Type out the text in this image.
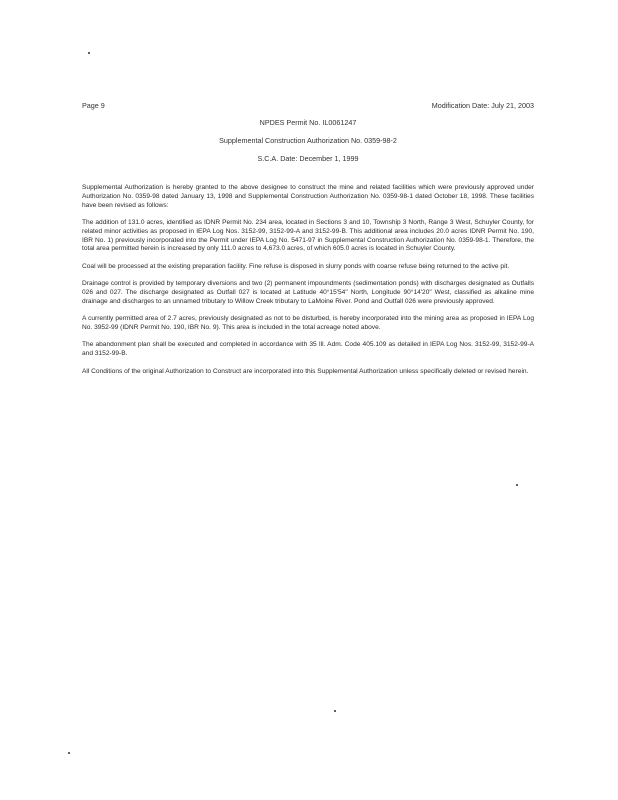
Page 9	Modification Date: July 21, 2003
NPDES Permit No. IL0061247
Supplemental Construction Authorization No. 0359-98-2
S.C.A. Date: December 1, 1999

Supplemental Authorization is hereby granted to the above designee to construct the mine and related facilities which were previously approved under Authorization No. 0359-98 dated January 13, 1998 and Supplemental Construction Authorization No. 0359-98-1 dated October 18, 1998. These facilities have been revised as follows:

The addition of 131.0 acres, identified as IDNR Permit No. 234 area, located in Sections 3 and 10, Township 3 North, Range 3 West, Schuyler County, for related minor activities as proposed in IEPA Log Nos. 3152-99, 3152-99-A and 3152-99-B. This additional area includes 20.0 acres IDNR Permit No. 190, IBR No. 1) previously incorporated into the Permit under IEPA Log No. 5471-97 in Supplemental Construction Authorization No. 0359-98-1. Therefore, the total area permitted herein is increased by only 111.0 acres to 4,673.0 acres, of which 605.0 acres is located in Schuyler County.

Coal will be processed at the existing preparation facility. Fine refuse is disposed in slurry ponds with coarse refuse being returned to the active pit.

Drainage control is provided by temporary diversions and two (2) permanent impoundments (sedimentation ponds) with discharges designated as Outfalls 026 and 027. The discharge designated as Outfall 027 is located at Latitude 40°15'54" North, Longitude 90°14'20" West, classified as alkaline mine drainage and discharges to an unnamed tributary to Willow Creek tributary to LaMoine River. Pond and Outfall 026 were previously approved.

A currently permitted area of 2.7 acres, previously designated as not to be disturbed, is hereby incorporated into the mining area as proposed in IEPA Log No. 3952-99 (IDNR Permit No. 190, IBR No. 9). This area is included in the total acreage noted above.

The abandonment plan shall be executed and completed in accordance with 35 Ill. Adm. Code 405.109 as detailed in IEPA Log Nos. 3152-99, 3152-99-A and 3152-99-B.

All Conditions of the original Authorization to Construct are incorporated into this Supplemental Authorization unless specifically deleted or revised herein.
